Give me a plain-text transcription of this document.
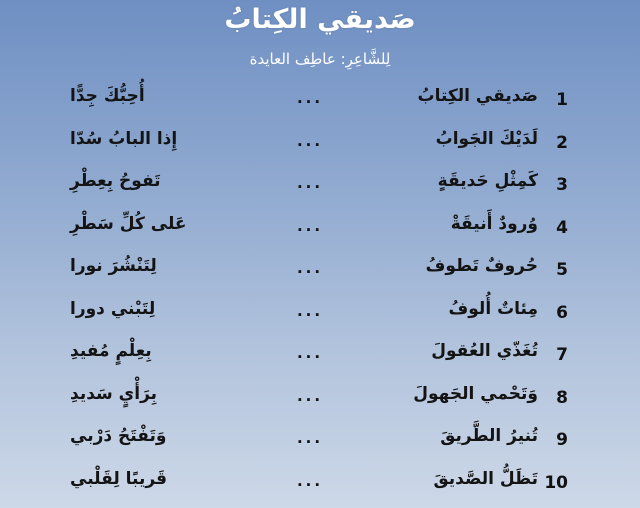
صَديقي الكِتابُ
لِلشَّاعِرِ: عاطِف العايدة
1
صَديقي الكِتابُ
...
أُحِبُّكَ جِدًّا
2
لَدَيْكَ الجَوابُ
...
إِذا البابُ سُدّا
3
كَمِثْلِ حَديقَةٍ
...
تَفوحُ بِعِطْرِ
4
وُرودٌ أَنيقَةْ
...
عَلى كُلِّ سَطْرِ
5
حُروفٌ تَطوفُ
...
لِتَنْشُرَ نورا
6
مِئاتٌ أُلوفُ
...
لِتَبْني دورا
7
تُغَذّي العُقولَ
...
بِعِلْمٍ مُفيدِ
8
وَتَحْمي الجَهولَ
...
بِرَأْيٍ سَديدِ
9
تُنيرُ الطَّريقَ
...
وَتَفْتَحُ دَرْبي
10
تَظَلُّ الصَّديقَ
...
قَريبًا لِقَلْبي
